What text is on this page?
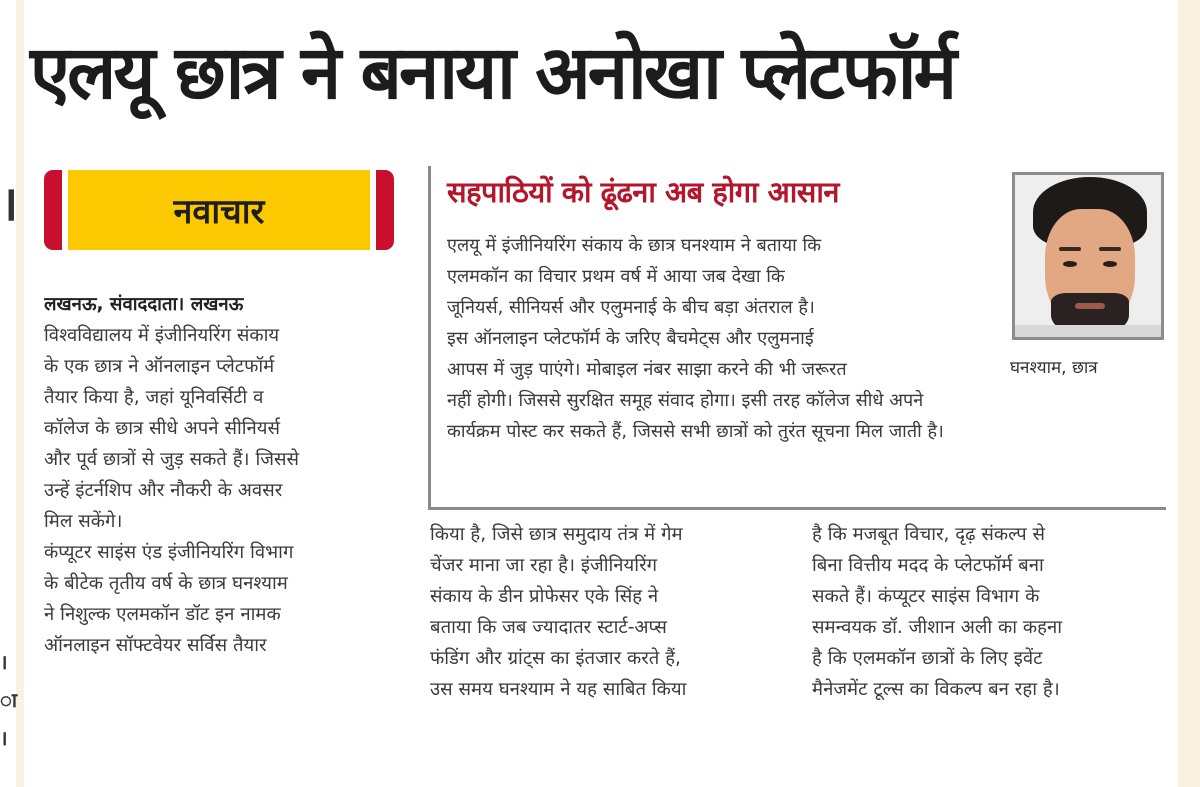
।
।
ा
।
एलयू छात्र ने बनाया अनोखा प्लेटफॉर्म
नवाचार

लखनऊ, संवाददाता। लखनऊ

विश्वविद्यालय में इंजीनियरिंग संकाय

के एक छात्र ने ऑनलाइन प्लेटफॉर्म

तैयार किया है, जहां यूनिवर्सिटी व

कॉलेज के छात्र सीधे अपने सीनियर्स

और पूर्व छात्रों से जुड़ सकते हैं। जिससे

उन्हें इंटर्नशिप और नौकरी के अवसर

मिल सकेंगे।

कंप्यूटर साइंस एंड इंजीनियरिंग विभाग

के बीटेक तृतीय वर्ष के छात्र घनश्याम

ने निशुल्क एलमकॉन डॉट इन नामक

ऑनलाइन सॉफ्टवेयर सर्विस तैयार

सहपाठियों को ढूंढना अब होगा आसान

एलयू में इंजीनियरिंग संकाय के छात्र घनश्याम ने बताया कि

एलमकॉन का विचार प्रथम वर्ष में आया जब देखा कि

जूनियर्स, सीनियर्स और एलुमनाई के बीच बड़ा अंतराल है।

इस ऑनलाइन प्लेटफॉर्म के जरिए बैचमेट्स और एलुमनाई

आपस में जुड़ पाएंगे। मोबाइल नंबर साझा करने की भी जरूरत

नहीं होगी। जिससे सुरक्षित समूह संवाद होगा। इसी तरह कॉलेज सीधे अपने

कार्यक्रम पोस्ट कर सकते हैं, जिससे सभी छात्रों को तुरंत सूचना मिल जाती है।

घनश्याम, छात्र

किया है, जिसे छात्र समुदाय तंत्र में गेम

चेंजर माना जा रहा है। इंजीनियरिंग

संकाय के डीन प्रोफेसर एके सिंह ने

बताया कि जब ज्यादातर स्टार्ट-अप्स

फंडिंग और ग्रांट्स का इंतजार करते हैं,

उस समय घनश्याम ने यह साबित किया

है कि मजबूत विचार, दृढ़ संकल्प से

बिना वित्तीय मदद के प्लेटफॉर्म बना

सकते हैं। कंप्यूटर साइंस विभाग के

समन्वयक डॉ. जीशान अली का कहना

है कि एलमकॉन छात्रों के लिए इवेंट

मैनेजमेंट टूल्स का विकल्प बन रहा है।
